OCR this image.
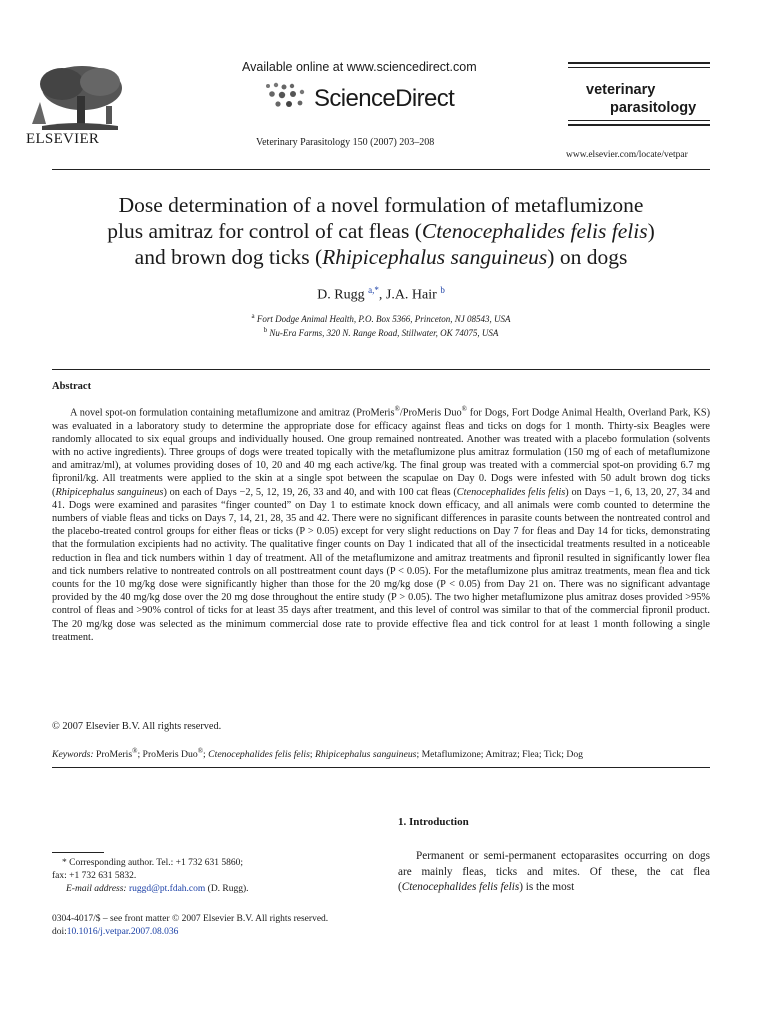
ELSEVIER
Available online at www.sciencedirect.com
ScienceDirect
Veterinary Parasitology 150 (2007) 203–208
veterinary
parasitology
www.elsevier.com/locate/vetpar
Dose determination of a novel formulation of metaflumizone
plus amitraz for control of cat fleas (Ctenocephalides felis felis)
and brown dog ticks (Rhipicephalus sanguineus) on dogs
D. Rugg $^{a,*}$, J.A. Hair $^b$
$^a$ Fort Dodge Animal Health, P.O. Box 5366, Princeton, NJ 08543, USA
$^b$ Nu-Era Farms, 320 N. Range Road, Stillwater, OK 74075, USA
Abstract
A novel spot-on formulation containing metaflumizone and amitraz (ProMeris®/ProMeris Duo® for Dogs, Fort Dodge Animal Health, Overland Park, KS) was evaluated in a laboratory study to determine the appropriate dose for efficacy against fleas and ticks on dogs for 1 month. Thirty-six Beagles were randomly allocated to six equal groups and individually housed. One group remained nontreated. Another was treated with a placebo formulation (solvents with no active ingredients). Three groups of dogs were treated topically with the metaflumizone plus amitraz formulation (150 mg of each of metaflumizone and amitraz/ml), at volumes providing doses of 10, 20 and 40 mg each active/kg. The final group was treated with a commercial spot-on providing 6.7 mg fipronil/kg. All treatments were applied to the skin at a single spot between the scapulae on Day 0. Dogs were infested with 50 adult brown dog ticks (Rhipicephalus sanguineus) on each of Days −2, 5, 12, 19, 26, 33 and 40, and with 100 cat fleas (Ctenocephalides felis felis) on Days −1, 6, 13, 20, 27, 34 and 41. Dogs were examined and parasites “finger counted” on Day 1 to estimate knock down efficacy, and all animals were comb counted to determine the numbers of viable fleas and ticks on Days 7, 14, 21, 28, 35 and 42. There were no significant differences in parasite counts between the nontreated control and the placebo-treated control groups for either fleas or ticks (P > 0.05) except for very slight reductions on Day 7 for fleas and Day 14 for ticks, demonstrating that the formulation excipients had no activity. The qualitative finger counts on Day 1 indicated that all of the insecticidal treatments resulted in a noticeable reduction in flea and tick numbers within 1 day of treatment. All of the metaflumizone and amitraz treatments and fipronil resulted in significantly lower flea and tick numbers relative to nontreated controls on all posttreatment count days (P < 0.05). For the metaflumizone plus amitraz treatments, mean flea and tick counts for the 10 mg/kg dose were significantly higher than those for the 20 mg/kg dose (P < 0.05) from Day 21 on. There was no significant advantage provided by the 40 mg/kg dose over the 20 mg dose throughout the entire study (P > 0.05). The two higher metaflumizone plus amitraz doses provided >95% control of fleas and >90% control of ticks for at least 35 days after treatment, and this level of control was similar to that of the commercial fipronil product. The 20 mg/kg dose was selected as the minimum commercial dose rate to provide effective flea and tick control for at least 1 month following a single treatment.
© 2007 Elsevier B.V. All rights reserved.
Keywords: ProMeris®; ProMeris Duo®; Ctenocephalides felis felis; Rhipicephalus sanguineus; Metaflumizone; Amitraz; Flea; Tick; Dog
1. Introduction
Permanent or semi-permanent ectoparasites occurring on dogs are mainly fleas, ticks and mites. Of these, the cat flea (Ctenocephalides felis felis) is the most
* Corresponding author. Tel.: +1 732 631 5860;
fax: +1 732 631 5832.
E-mail address: ruggd@pt.fdah.com (D. Rugg).
0304-4017/$ – see front matter © 2007 Elsevier B.V. All rights reserved.
doi:10.1016/j.vetpar.2007.08.036
